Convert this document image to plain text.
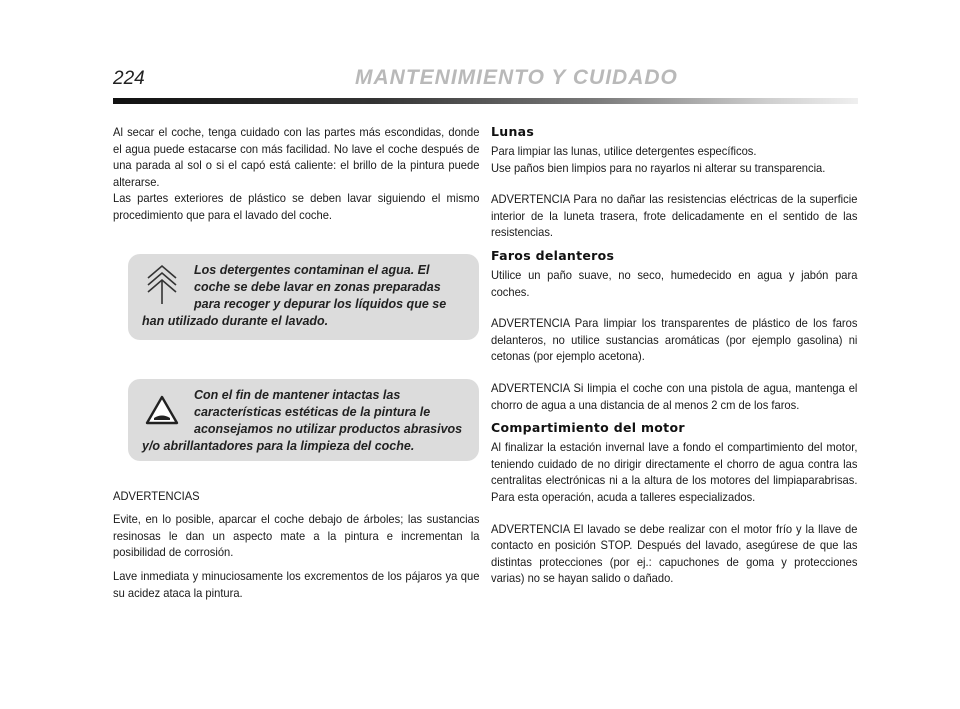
224	MANTENIMIENTO Y CUIDADO

Al secar el coche, tenga cuidado con las partes más escondidas, donde el agua puede estacarse con más facilidad. No lave el coche después de una parada al sol o si el capó está caliente: el brillo de la pintura puede alterarse.

Las partes exteriores de plástico se deben lavar siguiendo el mismo procedimiento que para el lavado del coche.

ADVERTENCIAS

Evite, en lo posible, aparcar el coche debajo de árboles; las sustancias resinosas le dan un aspecto mate a la pintura e incrementan la posibilidad de corrosión.

Lave inmediata y minuciosamente los excrementos de los pájaros ya que su acidez ataca la pintura.

Los detergentes contaminan el agua. El coche se debe lavar en zonas preparadas para recoger y depurar los líquidos que se han utilizado durante el lavado.
Con el fin de mantener intactas las características estéticas de la pintura le aconsejamos no utilizar productos abrasivos y/o abrillantadores para la limpieza del coche.
Lunas

Para limpiar las lunas, utilice detergentes específicos.

Use paños bien limpios para no rayarlos ni alterar su transparencia.

ADVERTENCIA Para no dañar las resistencias eléctricas de la superficie interior de la luneta trasera, frote delicadamente en el sentido de las resistencias.

Faros delanteros

Utilice un paño suave, no seco, humedecido en agua y jabón para coches.

ADVERTENCIA Para limpiar los transparentes de plástico de los faros delanteros, no utilice sustancias aromáticas (por ejemplo gasolina) ni cetonas (por ejemplo acetona).

ADVERTENCIA Si limpia el coche con una pistola de agua, mantenga el chorro de agua a una distancia de al menos 2 cm de los faros.

Compartimiento del motor

Al finalizar la estación invernal lave a fondo el compartimiento del motor, teniendo cuidado de no dirigir directamente el chorro de agua contra las centralitas electrónicas ni a la altura de los motores del limpiaparabrisas. Para esta operación, acuda a talleres especializados.

ADVERTENCIA El lavado se debe realizar con el motor frío y la llave de contacto en posición STOP. Después del lavado, asegúrese de que las distintas protecciones (por ej.: capuchones de goma y protecciones varias) no se hayan salido o dañado.
